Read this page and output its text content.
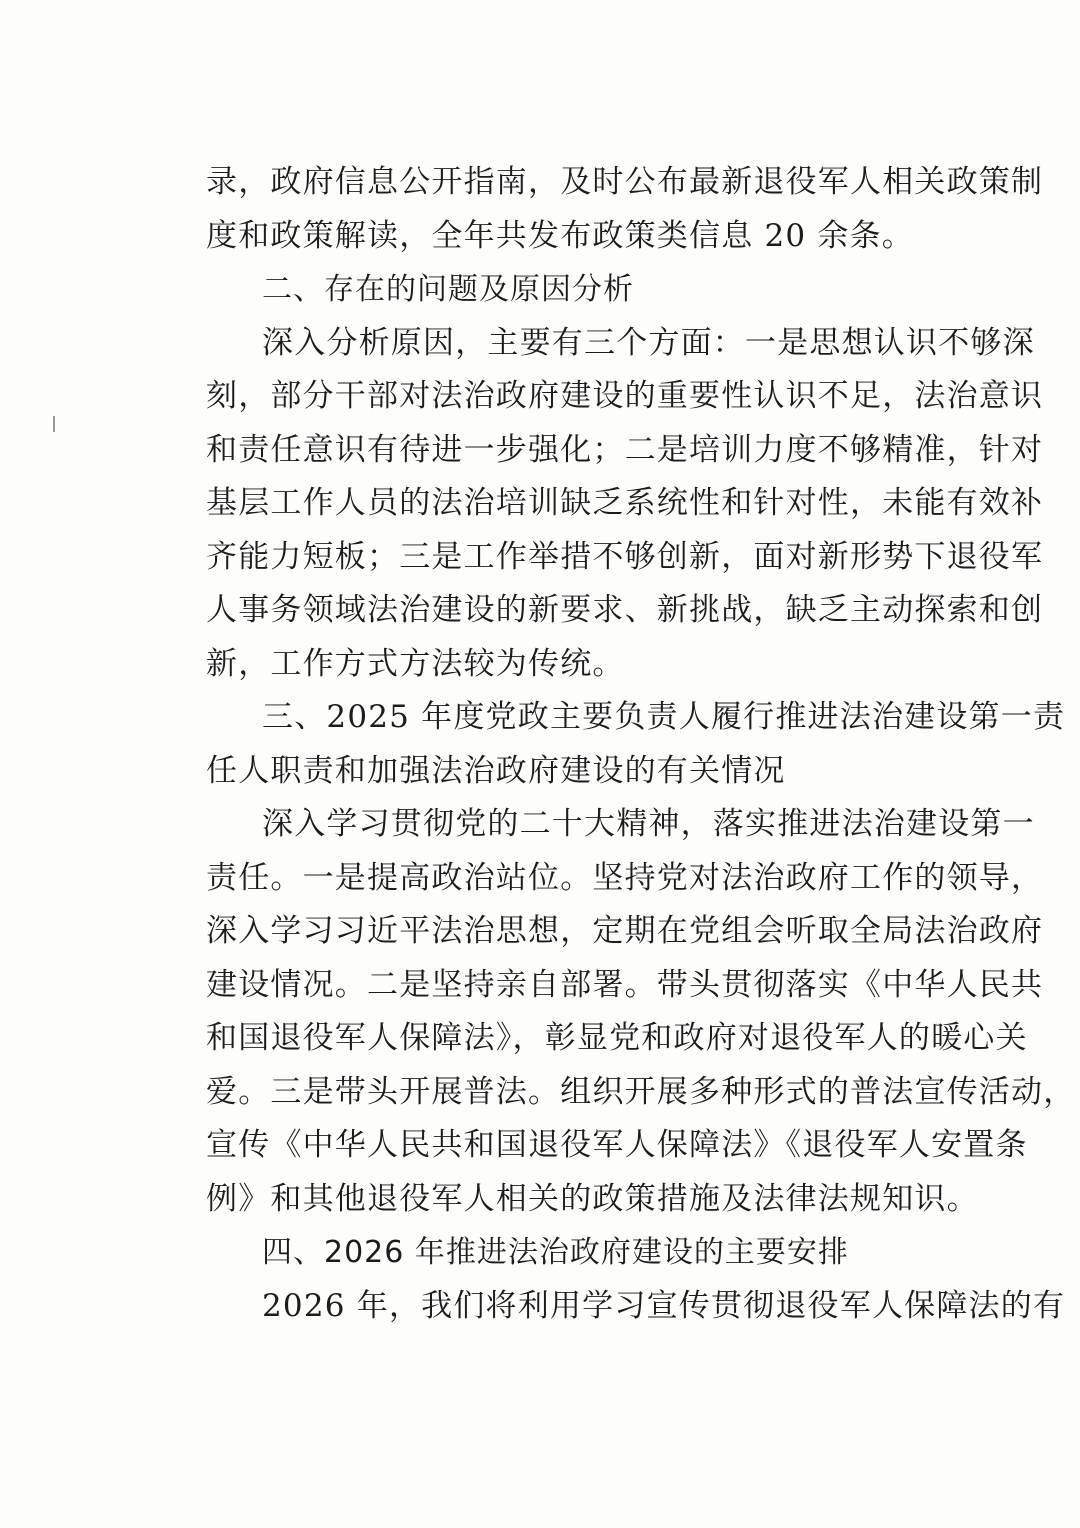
录，政府信息公开指南，及时公布最新退役军人相关政策制
度和政策解读，全年共发布政策类信息 20 余条。

二、存在的问题及原因分析

深入分析原因，主要有三个方面：一是思想认识不够深
刻，部分干部对法治政府建设的重要性认识不足，法治意识
和责任意识有待进一步强化；二是培训力度不够精准，针对
基层工作人员的法治培训缺乏系统性和针对性，未能有效补
齐能力短板；三是工作举措不够创新，面对新形势下退役军
人事务领域法治建设的新要求、新挑战，缺乏主动探索和创
新，工作方式方法较为传统。

三、2025 年度党政主要负责人履行推进法治建设第一责
任人职责和加强法治政府建设的有关情况

深入学习贯彻党的二十大精神，落实推进法治建设第一
责任。一是提高政治站位。坚持党对法治政府工作的领导，
深入学习习近平法治思想，定期在党组会听取全局法治政府
建设情况。二是坚持亲自部署。带头贯彻落实《中华人民共
和国退役军人保障法》，彰显党和政府对退役军人的暖心关
爱。三是带头开展普法。组织开展多种形式的普法宣传活动，
宣传《中华人民共和国退役军人保障法》《退役军人安置条
例》和其他退役军人相关的政策措施及法律法规知识。

四、2026 年推进法治政府建设的主要安排

2026 年，我们将利用学习宣传贯彻退役军人保障法的有
